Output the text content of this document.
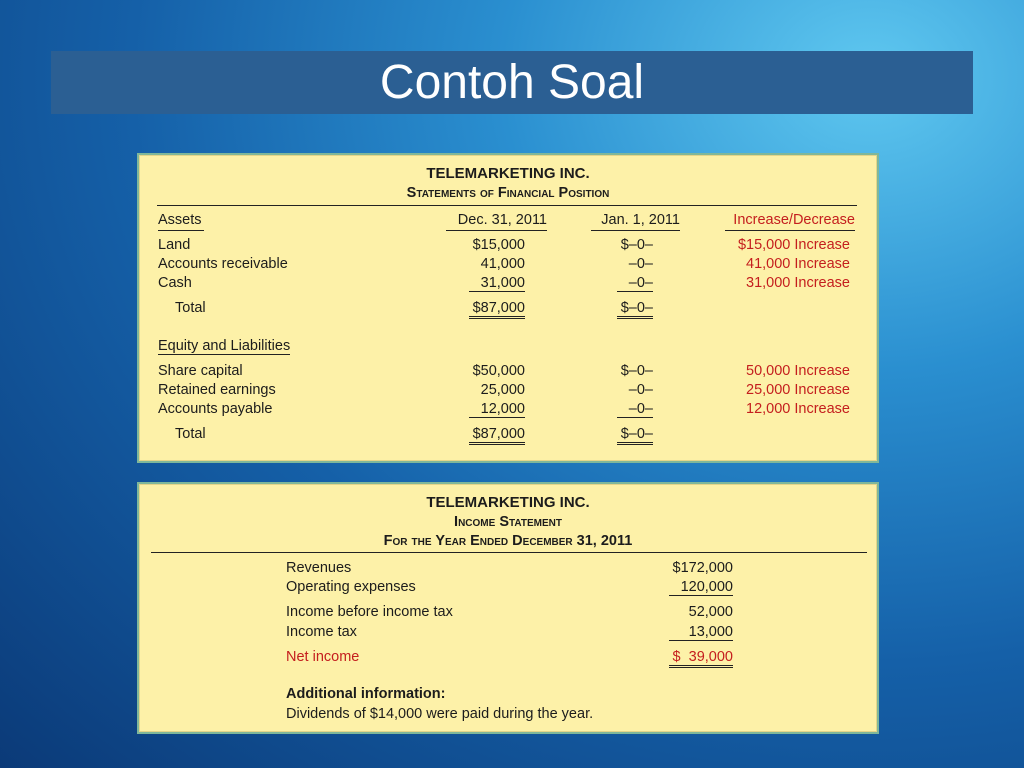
Contoh Soal
TELEMARKETING INC.
Statements of Financial Position
Assets	Dec. 31, 2011	Jan. 1, 2011	Increase/Decrease
Land	$15,000	$–0–	$15,000 Increase
Accounts receivable	41,000	–0–	41,000 Increase
Cash	31,000	–0–	31,000 Increase
Total	$87,000	$–0–
Equity and Liabilities
Share capital	$50,000	$–0–	50,000 Increase
Retained earnings	25,000	–0–	25,000 Increase
Accounts payable	12,000	–0–	12,000 Increase
Total	$87,000	$–0–
TELEMARKETING INC.
Income Statement
For the Year Ended December 31, 2011
Revenues	$172,000
Operating expenses	120,000
Income before income tax	52,000
Income tax	13,000
Net income	$  39,000
Additional information:
Dividends of $14,000 were paid during the year.
